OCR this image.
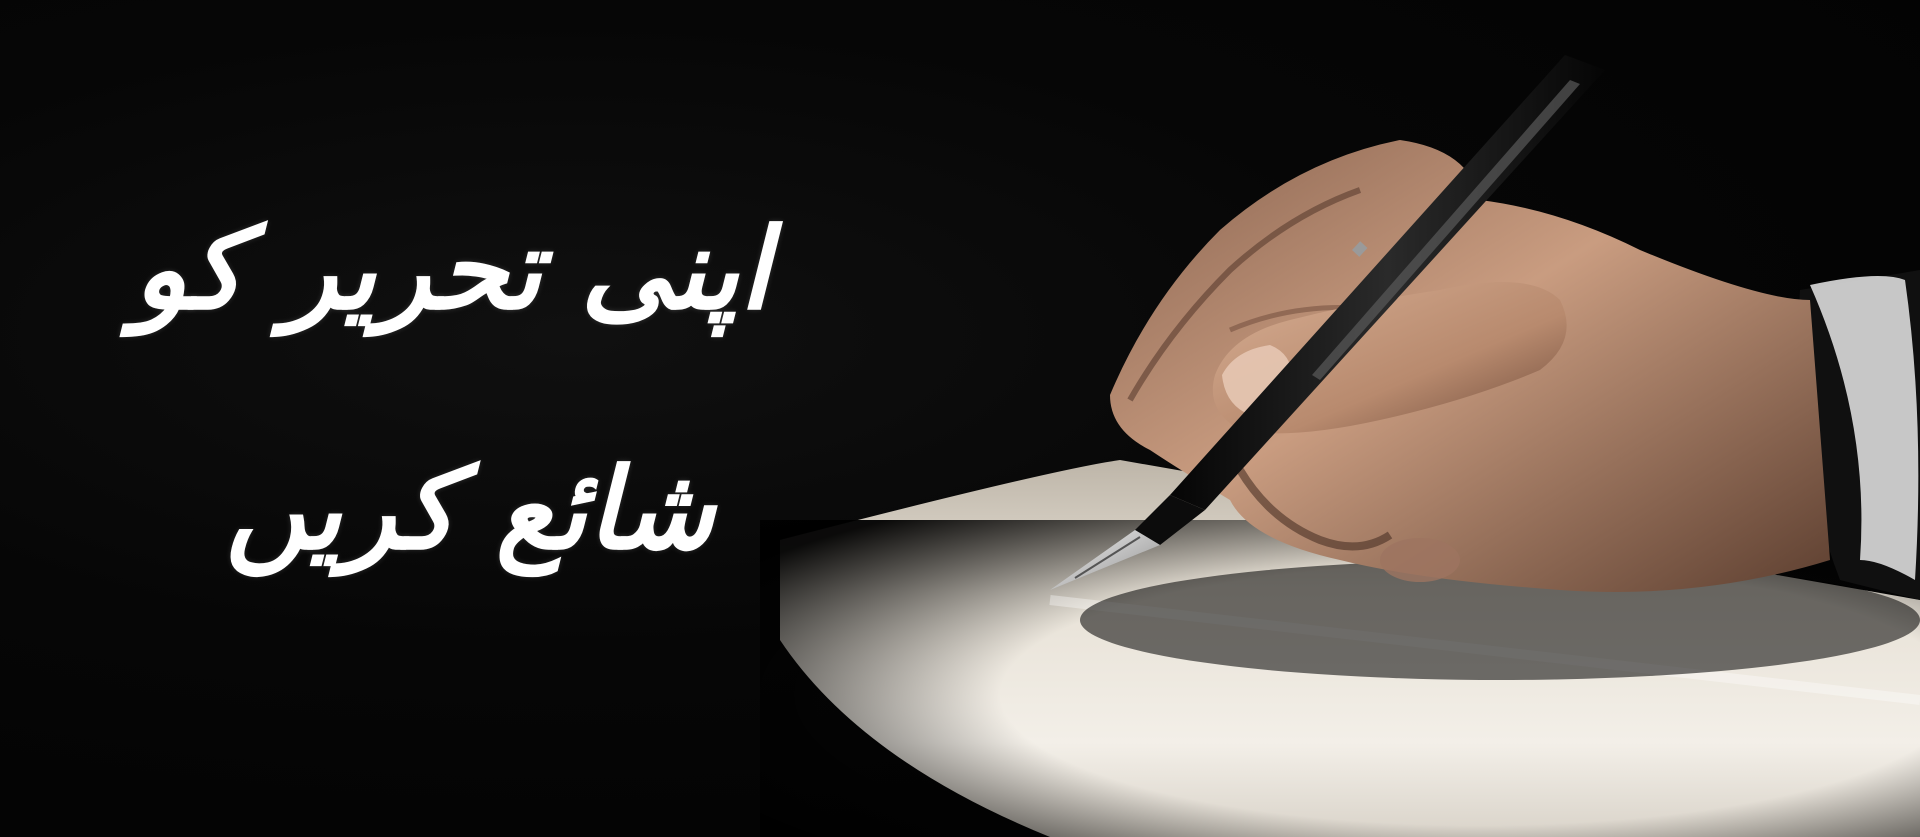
اپنی تحریر کو
شائع کریں
